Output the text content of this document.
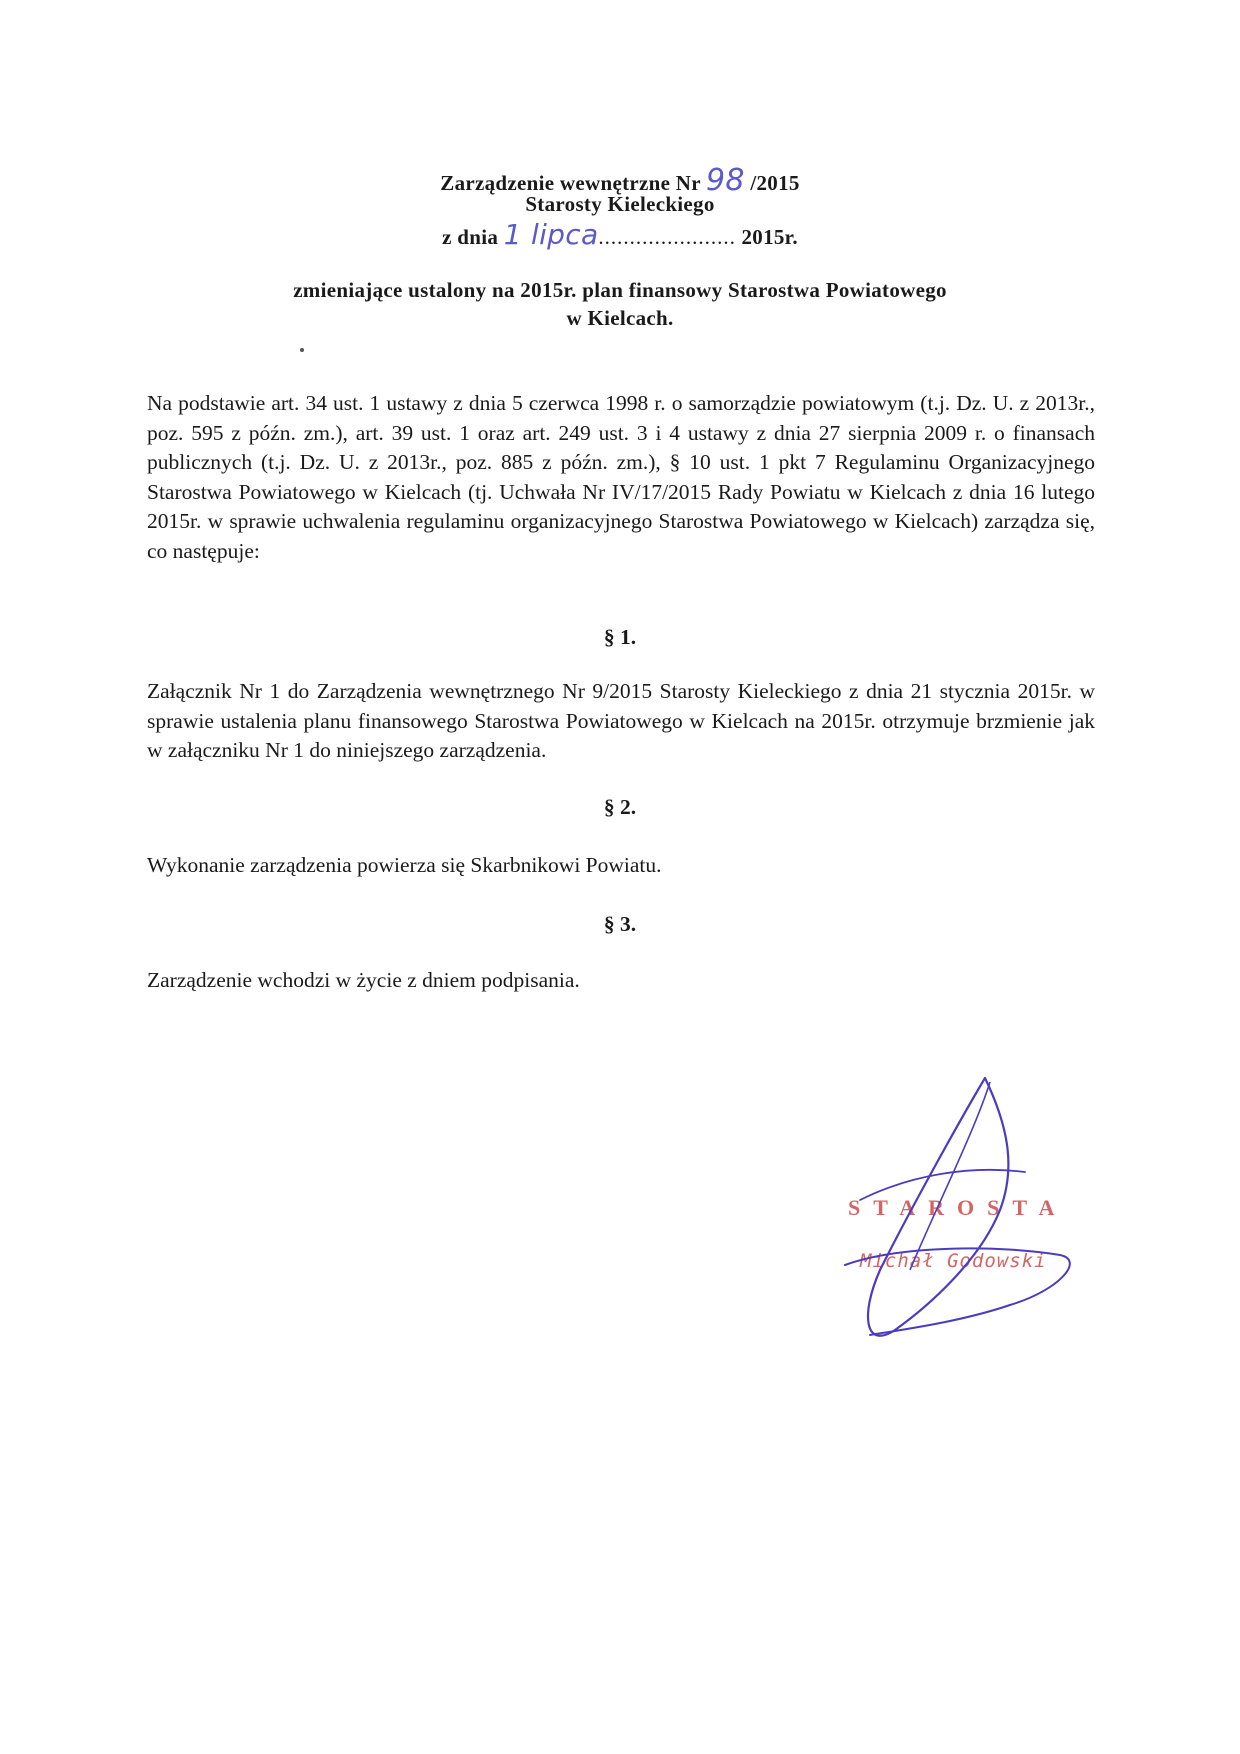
Zarządzenie wewnętrzne Nr 98 /2015
Starosty Kieleckiego
z dnia 1 lipca...................... 2015r.
zmieniające ustalony na 2015r. plan finansowy Starostwa Powiatowego
w Kielcach.
Na podstawie art. 34 ust. 1 ustawy z dnia 5 czerwca 1998 r. o samorządzie powiatowym (t.j. Dz. U. z 2013r., poz. 595 z późn. zm.), art. 39 ust. 1 oraz art. 249 ust. 3 i 4 ustawy z dnia 27 sierpnia 2009 r. o finansach publicznych (t.j. Dz. U. z 2013r., poz. 885 z późn. zm.), § 10 ust. 1 pkt 7 Regulaminu Organizacyjnego Starostwa Powiatowego w Kielcach (tj. Uchwała Nr IV/17/2015 Rady Powiatu w Kielcach z dnia 16 lutego 2015r. w sprawie uchwalenia regulaminu organizacyjnego Starostwa Powiatowego w Kielcach) zarządza się, co następuje:
§ 1.
Załącznik Nr 1 do Zarządzenia wewnętrznego Nr 9/2015 Starosty Kieleckiego z dnia 21 stycznia 2015r. w sprawie ustalenia planu finansowego Starostwa Powiatowego w Kielcach na 2015r. otrzymuje brzmienie jak w załączniku Nr 1 do niniejszego zarządzenia.
§ 2.
Wykonanie zarządzenia powierza się Skarbnikowi Powiatu.
§ 3.
Zarządzenie wchodzi w życie z dniem podpisania.
STAROSTA
Michał Godowski
